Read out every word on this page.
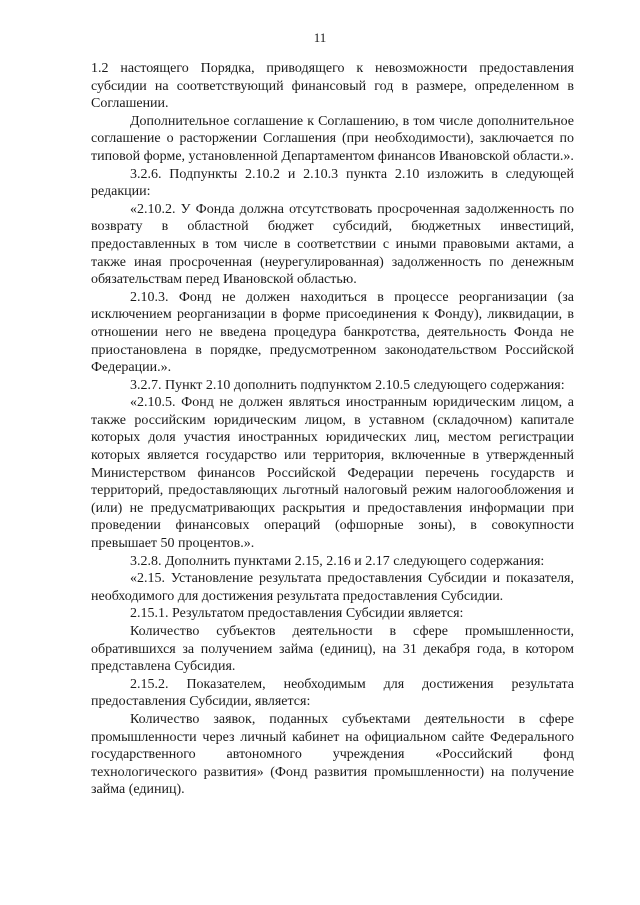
11

1.2 настоящего Порядка, приводящего к невозможности предоставления субсидии на соответствующий финансовый год в размере, определенном в Соглашении.

Дополнительное соглашение к Соглашению, в том числе дополнительное соглашение о расторжении Соглашения (при необходимости), заключается по типовой форме, установленной Департаментом финансов Ивановской области.».

3.2.6. Подпункты 2.10.2 и 2.10.3 пункта 2.10 изложить в следующей редакции:

«2.10.2. У Фонда должна отсутствовать просроченная задолженность по возврату в областной бюджет субсидий, бюджетных инвестиций, предоставленных в том числе в соответствии с иными правовыми актами, а также иная просроченная (неурегулированная) задолженность по денежным обязательствам перед Ивановской областью.

2.10.3. Фонд не должен находиться в процессе реорганизации (за исключением реорганизации в форме присоединения к Фонду), ликвидации, в отношении него не введена процедура банкротства, деятельность Фонда не приостановлена в порядке, предусмотренном законодательством Российской Федерации.».

3.2.7. Пункт 2.10 дополнить подпунктом 2.10.5 следующего содержания:

«2.10.5. Фонд не должен являться иностранным юридическим лицом, а также российским юридическим лицом, в уставном (складочном) капитале которых доля участия иностранных юридических лиц, местом регистрации которых является государство или территория, включенные в утвержденный Министерством финансов Российской Федерации перечень государств и территорий, предоставляющих льготный налоговый режим налогообложения и (или) не предусматривающих раскрытия и предоставления информации при проведении финансовых операций (офшорные зоны), в совокупности превышает 50 процентов.».

3.2.8. Дополнить пунктами 2.15, 2.16 и 2.17 следующего содержания:

«2.15. Установление результата предоставления Субсидии и показателя, необходимого для достижения результата предоставления Субсидии.

2.15.1. Результатом предоставления Субсидии является:

Количество субъектов деятельности в сфере промышленности, обратившихся за получением займа (единиц), на 31 декабря года, в котором представлена Субсидия.

2.15.2. Показателем, необходимым для достижения результата предоставления Субсидии, является:

Количество заявок, поданных субъектами деятельности в сфере промышленности через личный кабинет на официальном сайте Федерального государственного автономного учреждения «Российский фонд технологического развития» (Фонд развития промышленности) на получение займа (единиц).
